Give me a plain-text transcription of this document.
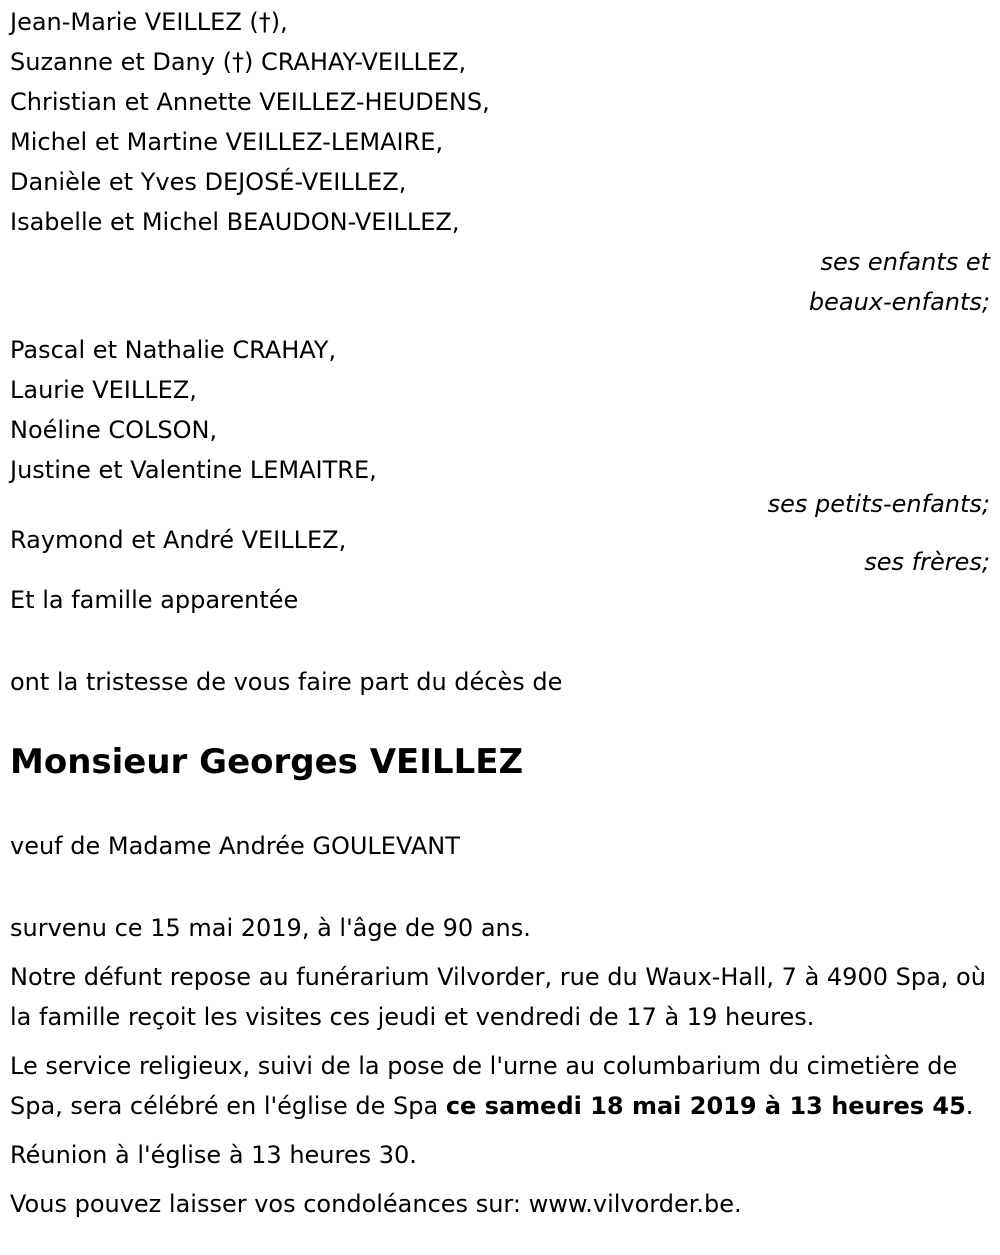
Jean-Marie VEILLEZ (†),

Suzanne et Dany (†) CRAHAY-VEILLEZ,

Christian et Annette VEILLEZ-HEUDENS,

Michel et Martine VEILLEZ-LEMAIRE,

Danièle et Yves DEJOSÉ-VEILLEZ,

Isabelle et Michel BEAUDON-VEILLEZ,

ses enfants et

beaux-enfants;

Pascal et Nathalie CRAHAY,

Laurie VEILLEZ,

Noéline COLSON,

Justine et Valentine LEMAITRE,

ses petits-enfants;

Raymond et André VEILLEZ,

ses frères;

Et la famille apparentée

ont la tristesse de vous faire part du décès de

Monsieur Georges VEILLEZ

veuf de Madame Andrée GOULEVANT

survenu ce 15 mai 2019, à l'âge de 90 ans.

Notre défunt repose au funérarium Vilvorder, rue du Waux-Hall, 7 à 4900 Spa, où la famille reçoit les visites ces jeudi et vendredi de 17 à 19 heures.

Le service religieux, suivi de la pose de l'urne au columbarium du cimetière de Spa, sera célébré en l'église de Spa ce samedi 18 mai 2019 à 13 heures 45.

Réunion à l'église à 13 heures 30.

Vous pouvez laisser vos condoléances sur: www.vilvorder.be.
